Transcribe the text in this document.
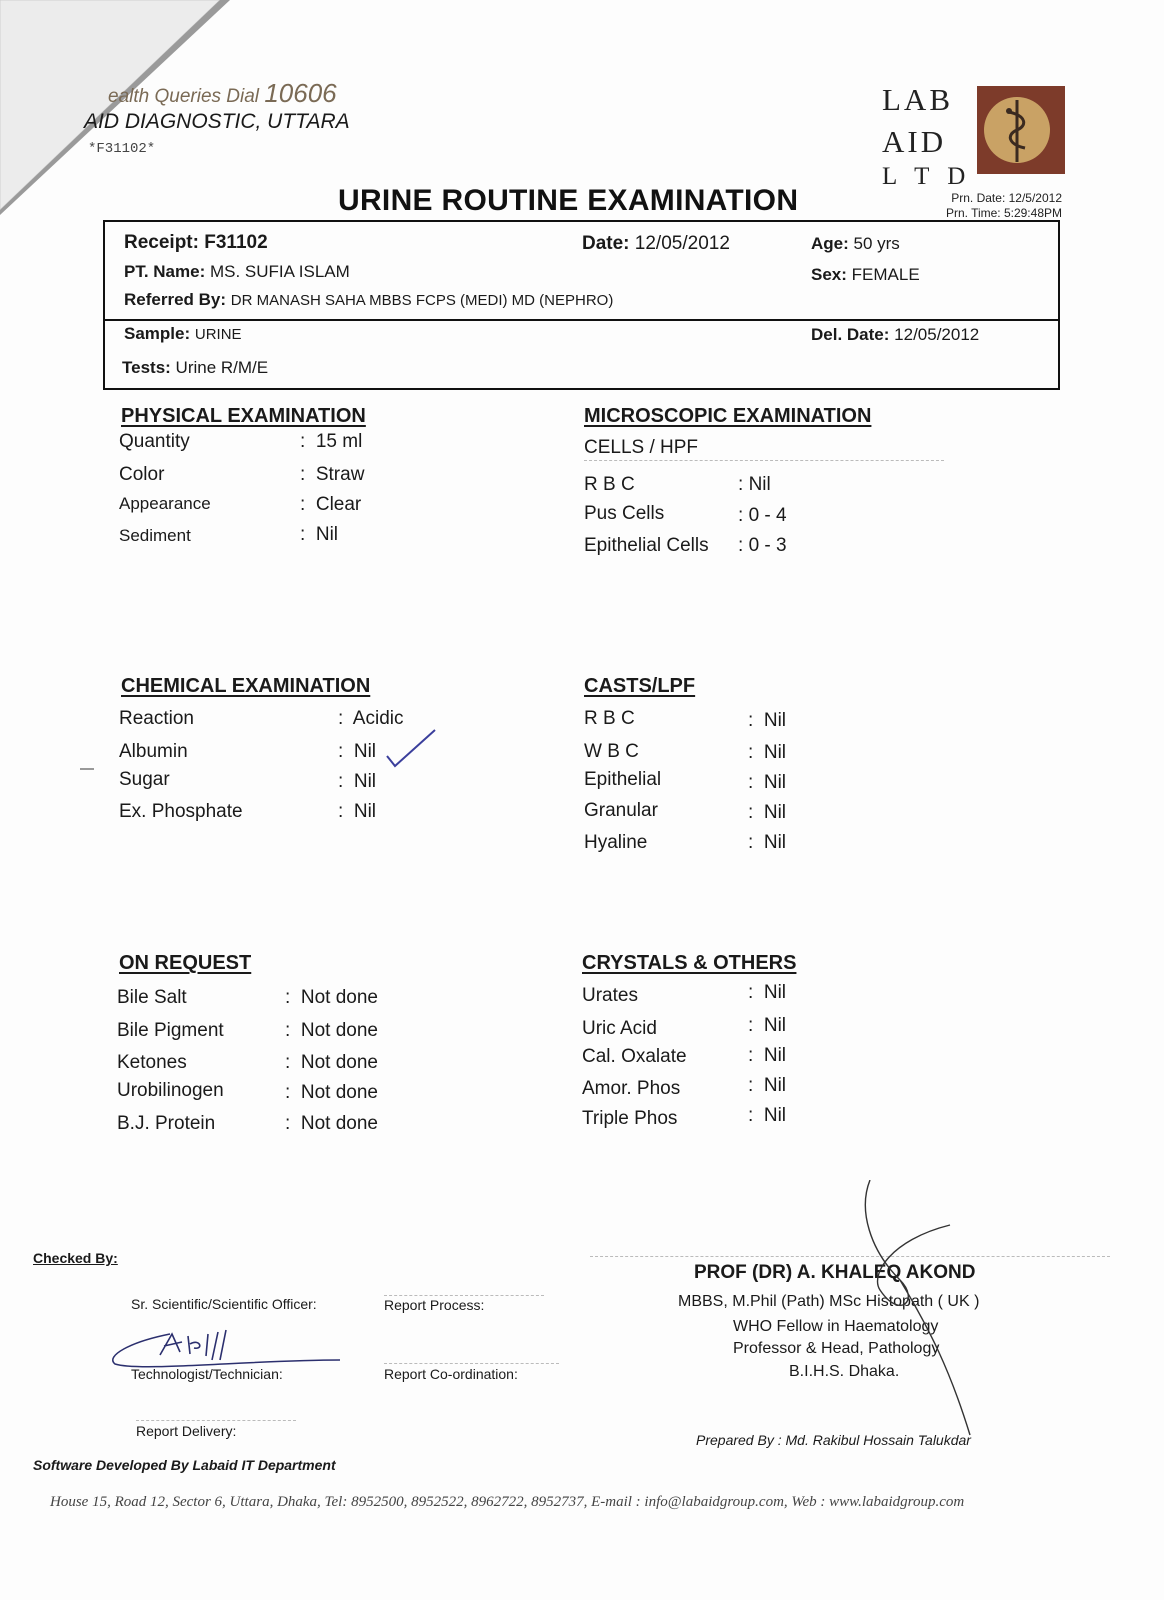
ealth Queries Dial 10606
AID DIAGNOSTIC, UTTARA
*F31102*
LAB
AID
L T D
Prn. Date: 12/5/2012
Prn. Time: 5:29:48PM
URINE ROUTINE EXAMINATION
Receipt: F31102	Date: 12/05/2012	Age: 50 yrs
PT. Name: MS. SUFIA ISLAM	Sex: FEMALE
Referred By: DR MANASH SAHA MBBS FCPS (MEDI) MD (NEPHRO)
Sample: URINE	Del. Date: 12/05/2012
Tests: Urine R/M/E
PHYSICAL EXAMINATION
Quantity	:  15 ml
Color	:  Straw
Appearance	:  Clear
Sediment	:  Nil
MICROSCOPIC EXAMINATION
CELLS / HPF
R B C	: Nil
Pus Cells	: 0 - 4
Epithelial Cells : 0 - 3
CHEMICAL EXAMINATION
Reaction	:  Acidic
Albumin	:  Nil
Sugar	:  Nil
Ex. Phosphate	:  Nil
CASTS/LPF
R B C	:  Nil
W B C	:  Nil
Epithelial	:  Nil
Granular	:  Nil
Hyaline	:  Nil
ON REQUEST
Bile Salt	:  Not done
Bile Pigment	:  Not done
Ketones	:  Not done
Urobilinogen	:  Not done
B.J. Protein	:  Not done
CRYSTALS & OTHERS
Urates	:  Nil
Uric Acid	:  Nil
Cal. Oxalate	:  Nil
Amor. Phos	:  Nil
Triple Phos	:  Nil
Checked By:
Sr. Scientific/Scientific Officer:	Report Process:
Technologist/Technician:	Report Co-ordination:
Report Delivery:
Software Developed By Labaid IT Department
PROF (DR) A. KHALEQ AKOND
MBBS, M.Phil (Path) MSc Histopath ( UK )
WHO Fellow in Haematology
Professor & Head, Pathology
B.I.H.S. Dhaka.
Prepared By : Md. Rakibul Hossain Talukdar
House 15, Road 12, Sector 6, Uttara, Dhaka, Tel: 8952500, 8952522, 8962722, 8952737, E-mail : info@labaidgroup.com, Web : www.labaidgroup.com
